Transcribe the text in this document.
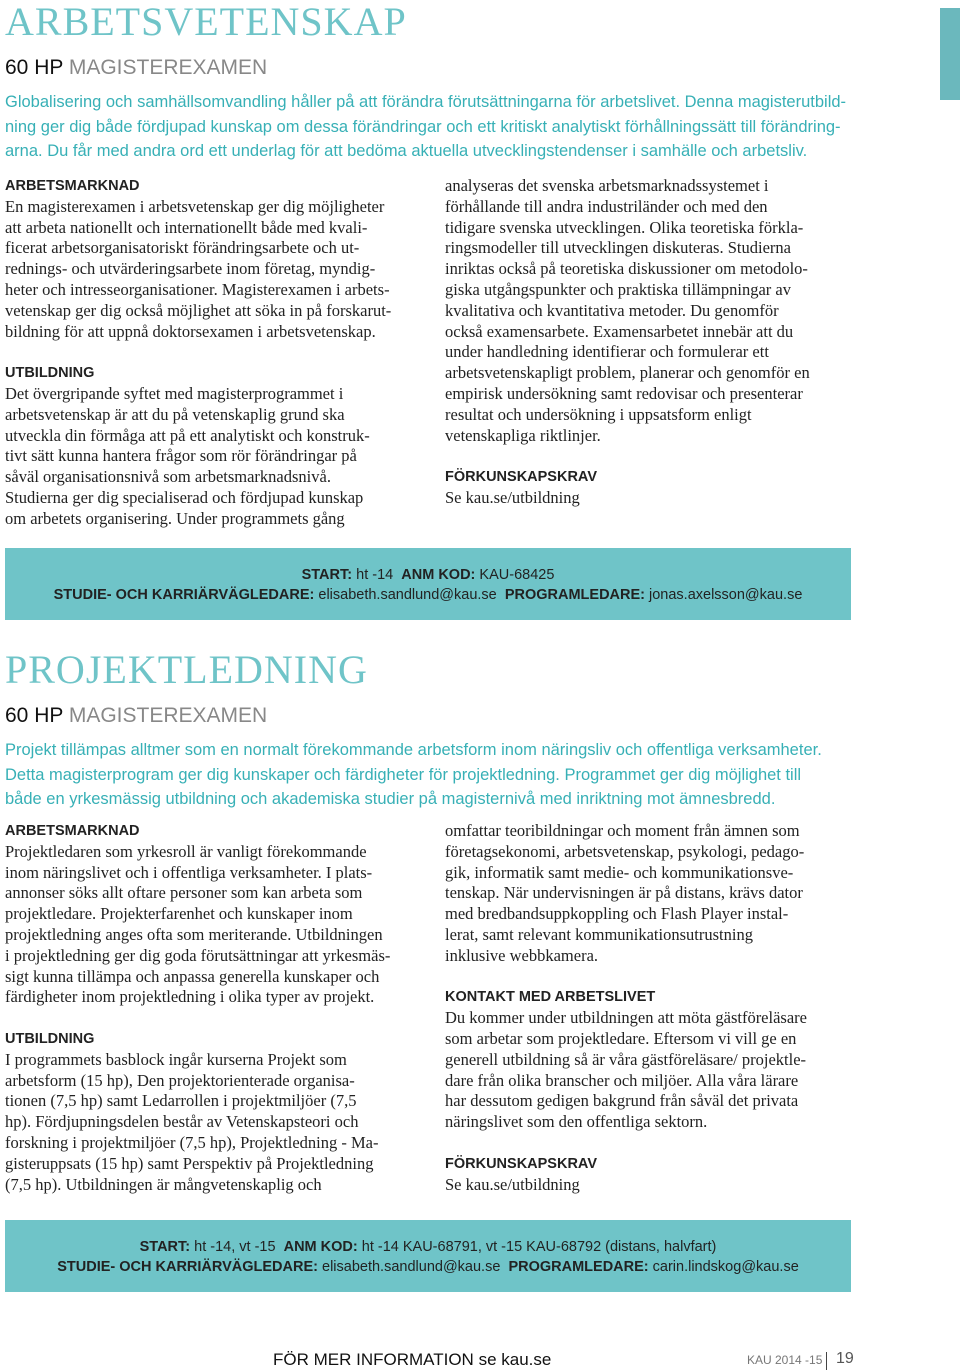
ARBETSVETENSKAP
60 HP MAGISTEREXAMEN
Globalisering och samhällsomvandling håller på att förändra förutsättningarna för arbetslivet. Denna magisterutbild-
ning ger dig både fördjupad kunskap om dessa förändringar och ett kritiskt analytiskt förhållningssätt till förändring-
arna. Du får med andra ord ett underlag för att bedöma aktuella utvecklingstendenser i samhälle och arbetsliv.
ARBETSMARKNAD
En magisterexamen i arbetsvetenskap ger dig möjligheter
att arbeta nationellt och internationellt både med kvali-
ficerat arbetsorganisatoriskt förändringsarbete och ut-
rednings- och utvärderingsarbete inom företag, myndig-
heter och intresseorganisationer. Magisterexamen i arbets-
vetenskap ger dig också möjlighet att söka in på forskarut-
bildning för att uppnå doktorsexamen i arbetsvetenskap.
UTBILDNING
Det övergripande syftet med magisterprogrammet i
arbetsvetenskap är att du på vetenskaplig grund ska
utveckla din förmåga att på ett analytiskt och konstruk-
tivt sätt kunna hantera frågor som rör förändringar på
såväl organisationsnivå som arbetsmarknadsnivå.
Studierna ger dig specialiserad och fördjupad kunskap
om arbetets organisering. Under programmets gång
analyseras det svenska arbetsmarknadssystemet i
förhållande till andra industriländer och med den
tidigare svenska utvecklingen. Olika teoretiska förkla-
ringsmodeller till utvecklingen diskuteras. Studierna
inriktas också på teoretiska diskussioner om metodolo-
giska utgångspunkter och praktiska tillämpningar av
kvalitativa och kvantitativa metoder. Du genomför
också examensarbete. Examensarbetet innebär att du
under handledning identifierar och formulerar ett
arbetsvetenskapligt problem, planerar och genomför en
empirisk undersökning samt redovisar och presenterar
resultat och undersökning i uppsatsform enligt
vetenskapliga riktlinjer.
FÖRKUNSKAPSKRAV
Se kau.se/utbildning
START: ht -14 ANM KOD: KAU-68425
STUDIE- OCH KARRIÄRVÄGLEDARE: elisabeth.sandlund@kau.se PROGRAMLEDARE: jonas.axelsson@kau.se
PROJEKTLEDNING
60 HP MAGISTEREXAMEN
Projekt tillämpas alltmer som en normalt förekommande arbetsform inom näringsliv och offentliga verksamheter.
Detta magisterprogram ger dig kunskaper och färdigheter för projektledning. Programmet ger dig möjlighet till
både en yrkesmässig utbildning och akademiska studier på magisternivå med inriktning mot ämnesbredd.
ARBETSMARKNAD
Projektledaren som yrkesroll är vanligt förekommande
inom näringslivet och i offentliga verksamheter. I plats-
annonser söks allt oftare personer som kan arbeta som
projektledare. Projekterfarenhet och kunskaper inom
projektledning anges ofta som meriterande. Utbildningen
i projektledning ger dig goda förutsättningar att yrkesmäs-
sigt kunna tillämpa och anpassa generella kunskaper och
färdigheter inom projektledning i olika typer av projekt.
UTBILDNING
I programmets basblock ingår kurserna Projekt som
arbetsform (15 hp), Den projektorienterade organisa-
tionen (7,5 hp) samt Ledarrollen i projektmiljöer (7,5
hp). Fördjupningsdelen består av Vetenskapsteori och
forskning i projektmiljöer (7,5 hp), Projektledning - Ma-
gisteruppsats (15 hp) samt Perspektiv på Projektledning
(7,5 hp). Utbildningen är mångvetenskaplig och
omfattar teoribildningar och moment från ämnen som
företagsekonomi, arbetsvetenskap, psykologi, pedago-
gik, informatik samt medie- och kommunikationsve-
tenskap. När undervisningen är på distans, krävs dator
med bredbandsuppkoppling och Flash Player instal-
lerat, samt relevant kommunikationsutrustning
inklusive webbkamera.
KONTAKT MED ARBETSLIVET
Du kommer under utbildningen att möta gästföreläsare
som arbetar som projektledare. Eftersom vi vill ge en
generell utbildning så är våra gästföreläsare/ projektle-
dare från olika branscher och miljöer. Alla våra lärare
har dessutom gedigen bakgrund från såväl det privata
näringslivet som den offentliga sektorn.
FÖRKUNSKAPSKRAV
Se kau.se/utbildning
START: ht -14, vt -15 ANM KOD: ht -14 KAU-68791, vt -15 KAU-68792 (distans, halvfart)
STUDIE- OCH KARRIÄRVÄGLEDARE: elisabeth.sandlund@kau.se PROGRAMLEDARE: carin.lindskog@kau.se
FÖR MER INFORMATION se kau.se	KAU 2014 -15 19
